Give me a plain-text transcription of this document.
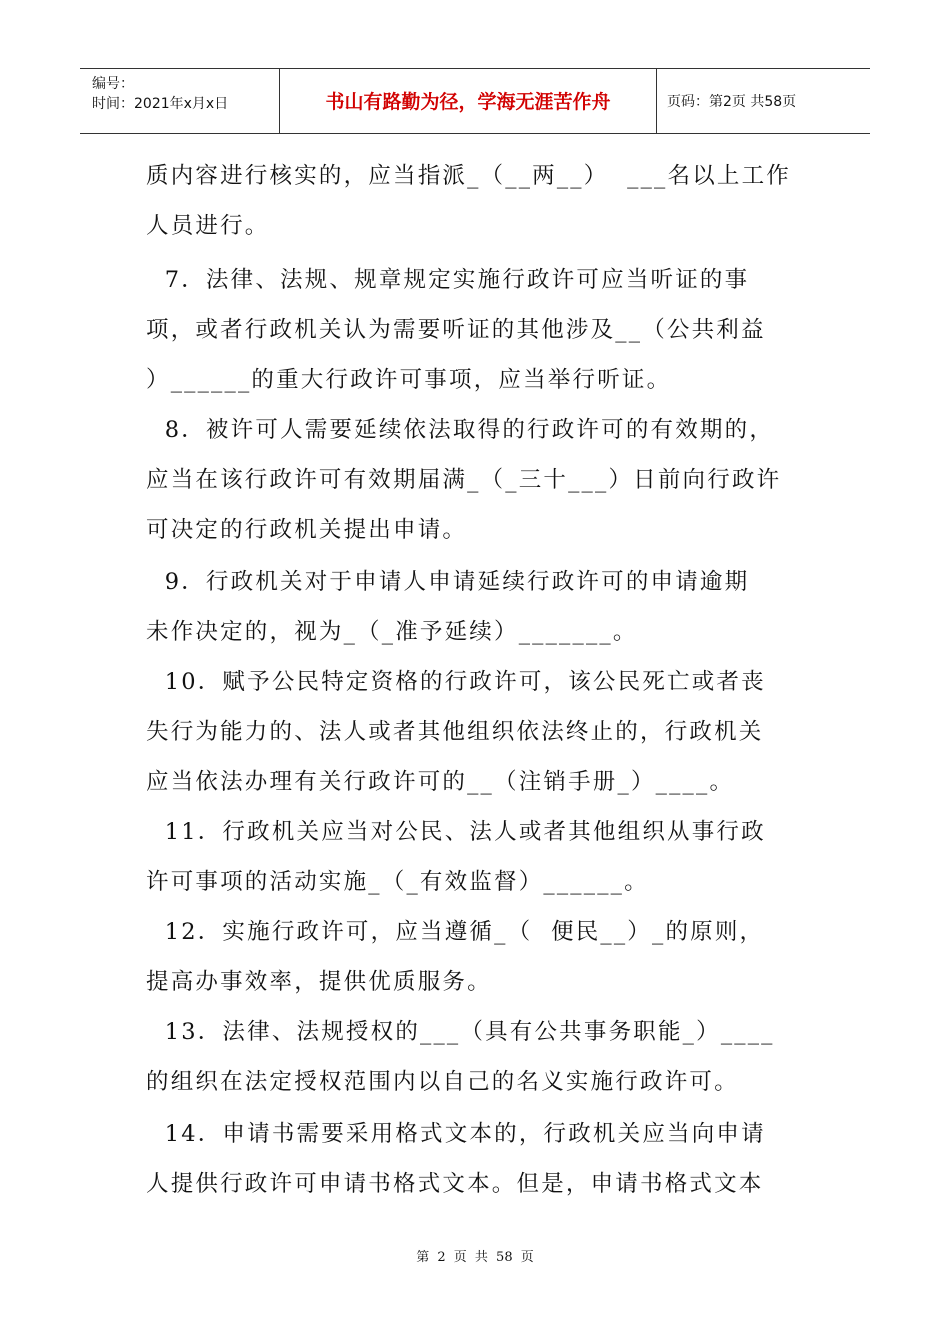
编号：
时间：2021年x月x日	书山有路勤为径，学海无涯苦作舟	页码：第2页 共58页
质内容进行核实的，应当指派_（__两__）  ___名以上工作
人员进行。
7．法律、法规、规章规定实施行政许可应当听证的事
项，或者行政机关认为需要听证的其他涉及__（公共利益
）______的重大行政许可事项，应当举行听证。
8．被许可人需要延续依法取得的行政许可的有效期的，
应当在该行政许可有效期届满_（_三十___）日前向行政许
可决定的行政机关提出申请。
9．行政机关对于申请人申请延续行政许可的申请逾期
未作决定的，视为_（_准予延续）_______。
10．赋予公民特定资格的行政许可，该公民死亡或者丧
失行为能力的、法人或者其他组织依法终止的，行政机关
应当依法办理有关行政许可的__（注销手册_）____。
11．行政机关应当对公民、法人或者其他组织从事行政
许可事项的活动实施_（_有效监督）______。
12．实施行政许可，应当遵循_（  便民__）_的原则，
提高办事效率，提供优质服务。
13．法律、法规授权的___（具有公共事务职能_）____
的组织在法定授权范围内以自己的名义实施行政许可。
14．申请书需要采用格式文本的，行政机关应当向申请
人提供行政许可申请书格式文本。但是，申请书格式文本
第 2 页 共 58 页
